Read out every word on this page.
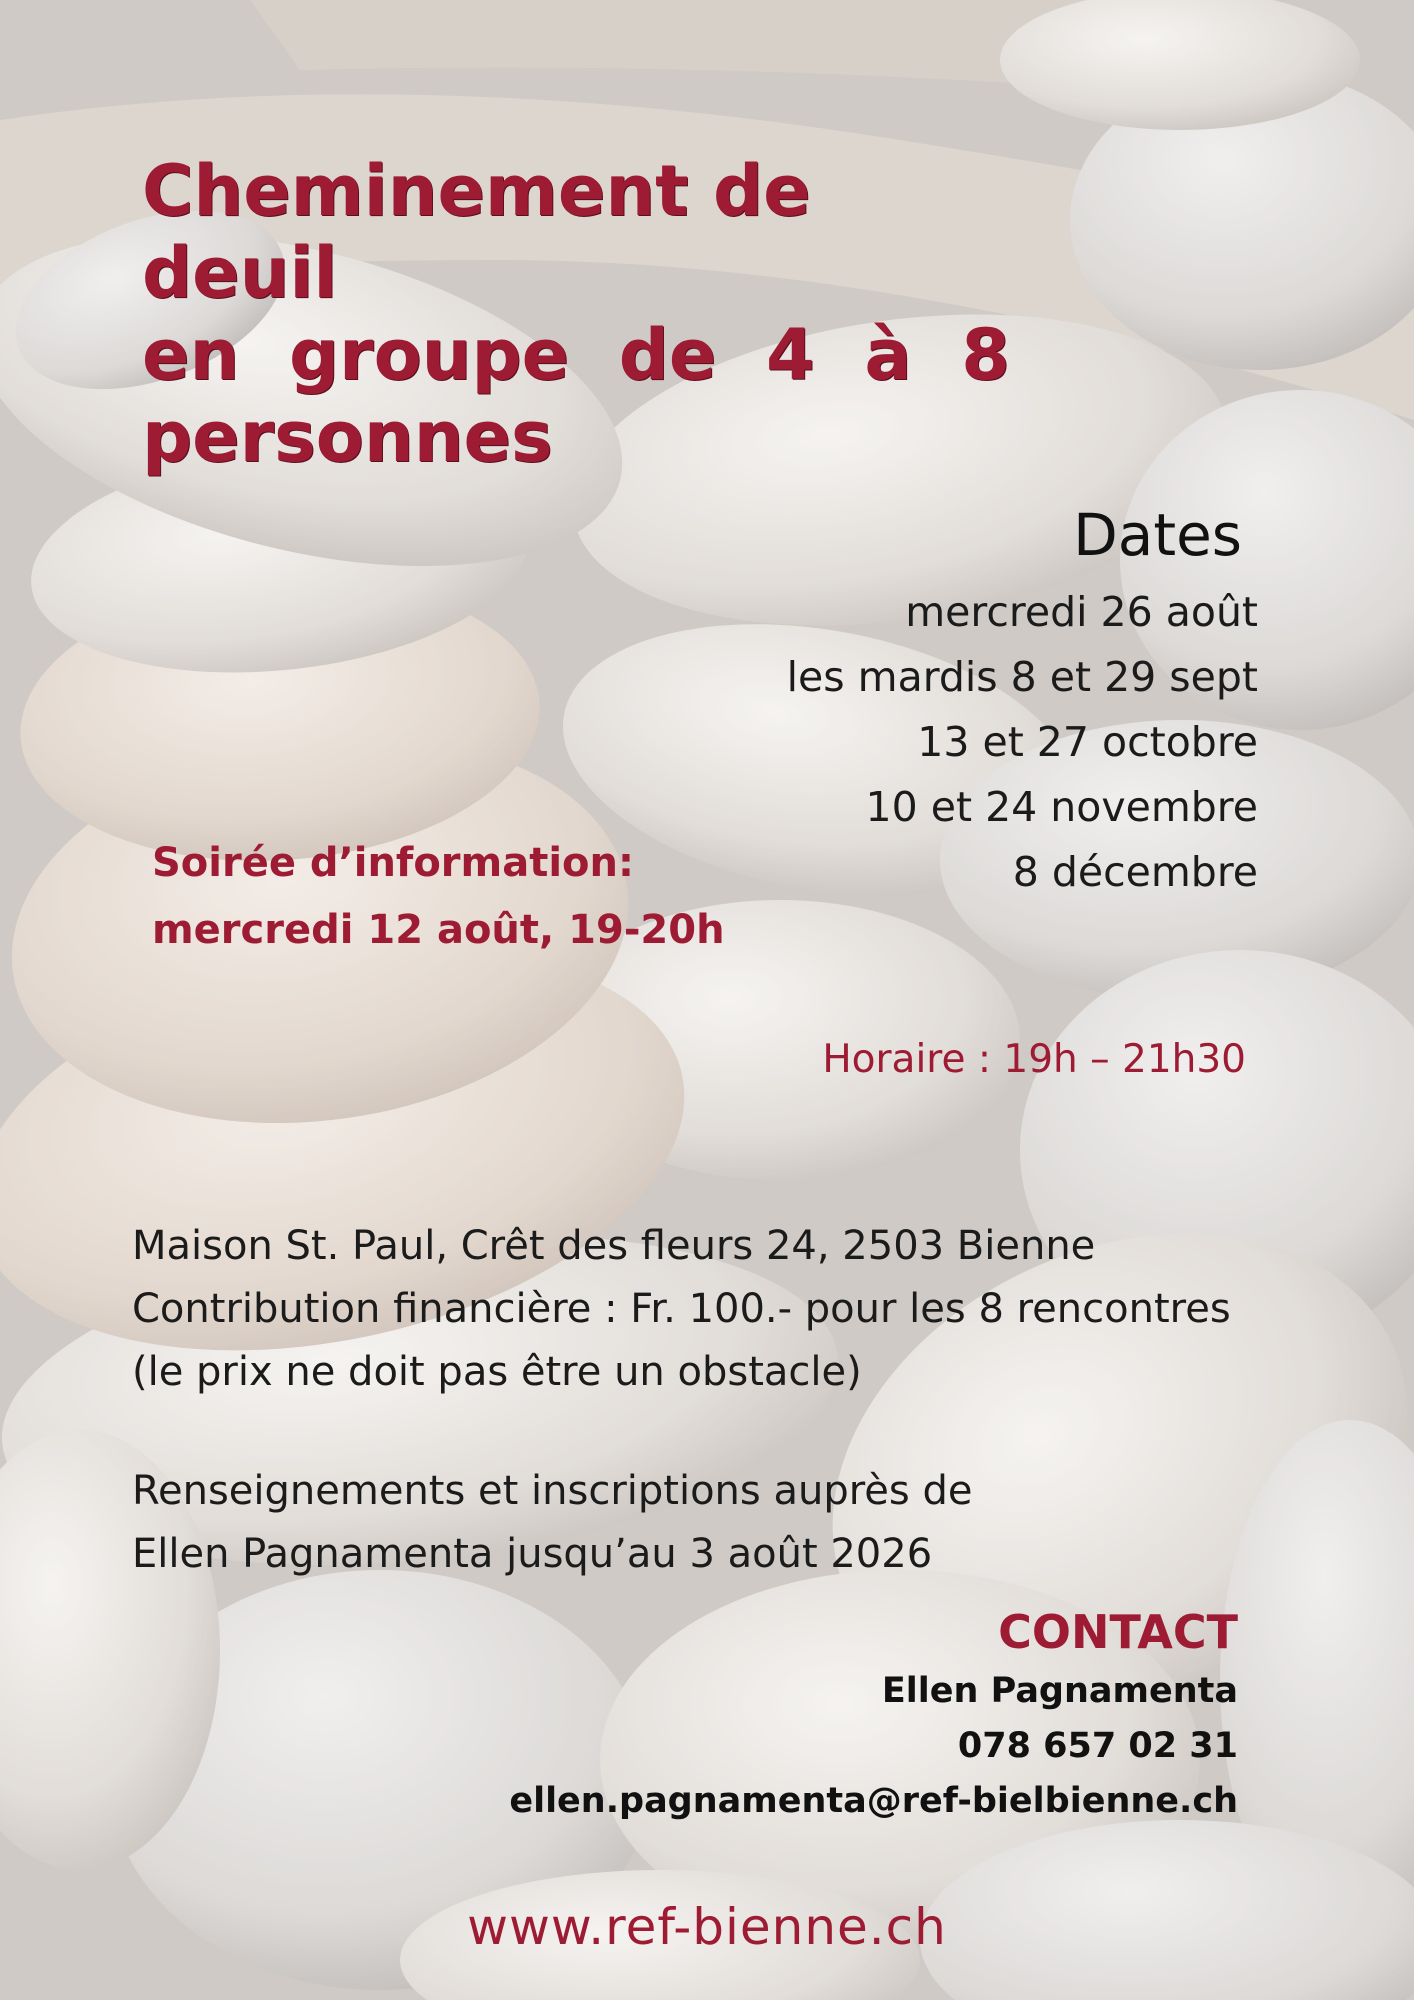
Cheminement de deuil
en groupe de 4 à 8
personnes
Dates
mercredi 26 août
les mardis 8 et 29 sept
13 et 27 octobre
10 et 24 novembre
8 décembre
Soirée d’information:
mercredi 12 août, 19-20h
Horaire : 19h – 21h30
Maison St. Paul, Crêt des fleurs 24, 2503 Bienne
Contribution financière : Fr. 100.- pour les 8 rencontres
(le prix ne doit pas être un obstacle)
Renseignements et inscriptions auprès de
Ellen Pagnamenta jusqu’au 3 août 2026
CONTACT
Ellen Pagnamenta
078 657 02 31
ellen.pagnamenta@ref-bielbienne.ch
www.ref-bienne.ch
